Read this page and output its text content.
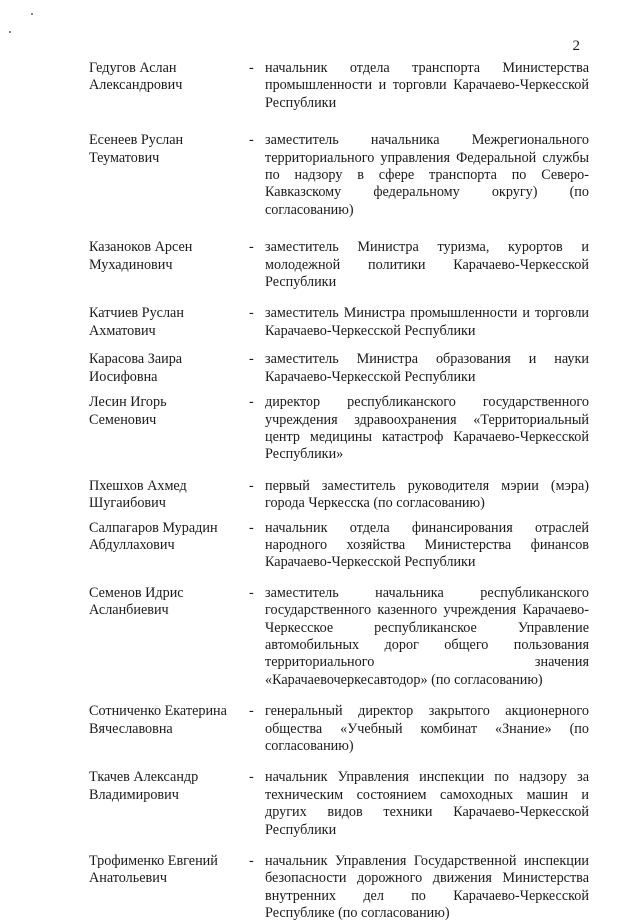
2
Гедугов Аслан
Александрович
- начальник отдела транспорта Министерства промышленности и торговли Карачаево-Черкесской Республики
Есенеев Руслан
Теуматович
- заместитель начальника Межрегионального территориального управления Федеральной службы по надзору в сфере транспорта по Северо-Кавказскому федеральному округу) (по согласованию)
Казаноков Арсен
Мухадинович
- заместитель Министра туризма, курортов и молодежной политики Карачаево-Черкесской Республики
Катчиев Руслан
Ахматович
- заместитель Министра промышленности и торговли Карачаево-Черкесской Республики
Карасова Заира
Иосифовна
- заместитель Министра образования и науки Карачаево-Черкесской Республики
Лесин Игорь
Семенович
- директор республиканского государственного учреждения здравоохранения «Территориальный центр медицины катастроф Карачаево-Черкесской Республики»
Пхешхов Ахмед
Шугаибович
- первый заместитель руководителя мэрии (мэра) города Черкесска (по согласованию)
Салпагаров Мурадин
Абдуллахович
- начальник отдела финансирования отраслей народного хозяйства Министерства финансов Карачаево-Черкесской Республики
Семенов Идрис
Асланбиевич
- заместитель начальника республиканского государственного казенного учреждения Карачаево-Черкесское республиканское Управление автомобильных дорог общего пользования территориального значения «Карачаевочеркесавтодор» (по согласованию)
Сотниченко Екатерина
Вячеславовна
- генеральный директор закрытого акционерного общества «Учебный комбинат «Знание» (по согласованию)
Ткачев Александр
Владимирович
- начальник Управления инспекции по надзору за техническим состоянием самоходных машин и других видов техники Карачаево-Черкесской Республики
Трофименко Евгений
Анатольевич
- начальник Управления Государственной инспекции безопасности дорожного движения Министерства внутренних дел по Карачаево-Черкесской Республике (по согласованию)
